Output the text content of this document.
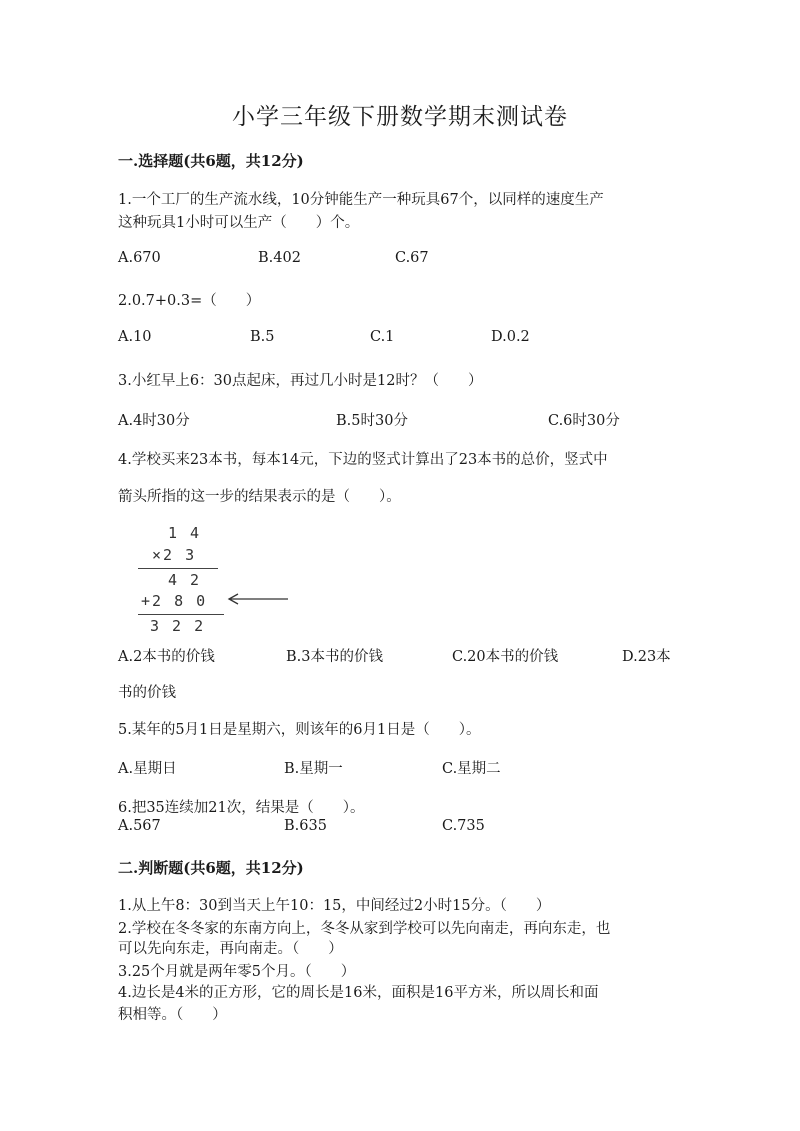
小学三年级下册数学期末测试卷
一.选择题(共6题，共12分)
1.一个工厂的生产流水线，10分钟能生产一种玩具67个，以同样的速度生产
这种玩具1小时可以生产（　　）个。
A.670	B.402	C.67
2.0.7+0.3=（　　）
A.10	B.5	C.1	D.0.2
3.小红早上6：30点起床，再过几小时是12时？（　　）
A.4时30分	B.5时30分	C.6时30分
4.学校买来23本书，每本14元，下边的竖式计算出了23本书的总价，竖式中
箭头所指的这一步的结果表示的是（　　）。
1 4
×2 3
4 2
+2 8 0
3 2 2
A.2本书的价钱	B.3本书的价钱	C.20本书的价钱	D.23本
书的价钱
5.某年的5月1日是星期六，则该年的6月1日是（　　）。
A.星期日	B.星期一	C.星期二
6.把35连续加21次，结果是（　　）。
A.567	B.635	C.735
二.判断题(共6题，共12分)
1.从上午8：30到当天上午10：15，中间经过2小时15分。（　　）
2.学校在冬冬家的东南方向上，冬冬从家到学校可以先向南走，再向东走，也
可以先向东走，再向南走。（　　）
3.25个月就是两年零5个月。（　　）
4.边长是4米的正方形，它的周长是16米，面积是16平方米，所以周长和面
积相等。（　　）
